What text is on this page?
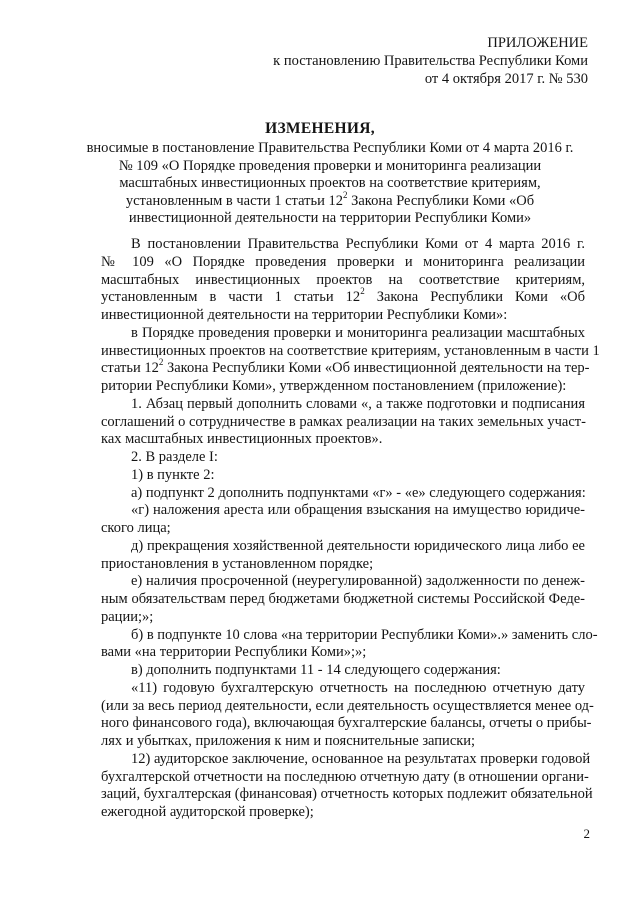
ПРИЛОЖЕНИЕ
к постановлению Правительства Республики Коми
от 4 октября 2017 г. № 530
ИЗМЕНЕНИЯ,
вносимые в постановление Правительства Республики Коми от 4 марта 2016 г.
№ 109 «О Порядке проведения проверки и мониторинга реализации
масштабных инвестиционных проектов на соответствие критериям,
установленным в части 1 статьи $12^2$ Закона Республики Коми «Об
инвестиционной деятельности на территории Республики Коми»
В постановлении Правительства Республики Коми от 4 марта 2016 г.
№ 109 «О Порядке проведения проверки и мониторинга реализации
масштабных инвестиционных проектов на соответствие критериям,
установленным в части 1 статьи $12^2$ Закона Республики Коми «Об
инвестиционной деятельности на территории Республики Коми»:
в Порядке проведения проверки и мониторинга реализации масштабных
инвестиционных проектов на соответствие критериям, установленным в части 1
статьи $12^2$ Закона Республики Коми «Об инвестиционной деятельности на тер-
ритории Республики Коми», утвержденном постановлением (приложение):
1. Абзац первый дополнить словами «, а также подготовки и подписания
соглашений о сотрудничестве в рамках реализации на таких земельных участ-
ках масштабных инвестиционных проектов».
2. В разделе I:
1) в пункте 2:
а) подпункт 2 дополнить подпунктами «г» - «е» следующего содержания:
«г) наложения ареста или обращения взыскания на имущество юридиче-
ского лица;
д) прекращения хозяйственной деятельности юридического лица либо ее
приостановления в установленном порядке;
е) наличия просроченной (неурегулированной) задолженности по денеж-
ным обязательствам перед бюджетами бюджетной системы Российской Феде-
рации;»;
б) в подпункте 10 слова «на территории Республики Коми».» заменить сло-
вами «на территории Республики Коми»;»;
в) дополнить подпунктами 11 - 14 следующего содержания:
«11) годовую бухгалтерскую отчетность на последнюю отчетную дату
(или за весь период деятельности, если деятельность осуществляется менее од-
ного финансового года), включающая бухгалтерские балансы, отчеты о прибы-
лях и убытках, приложения к ним и пояснительные записки;
12) аудиторское заключение, основанное на результатах проверки годовой
бухгалтерской отчетности на последнюю отчетную дату (в отношении органи-
заций, бухгалтерская (финансовая) отчетность которых подлежит обязательной
ежегодной аудиторской проверке);
2
